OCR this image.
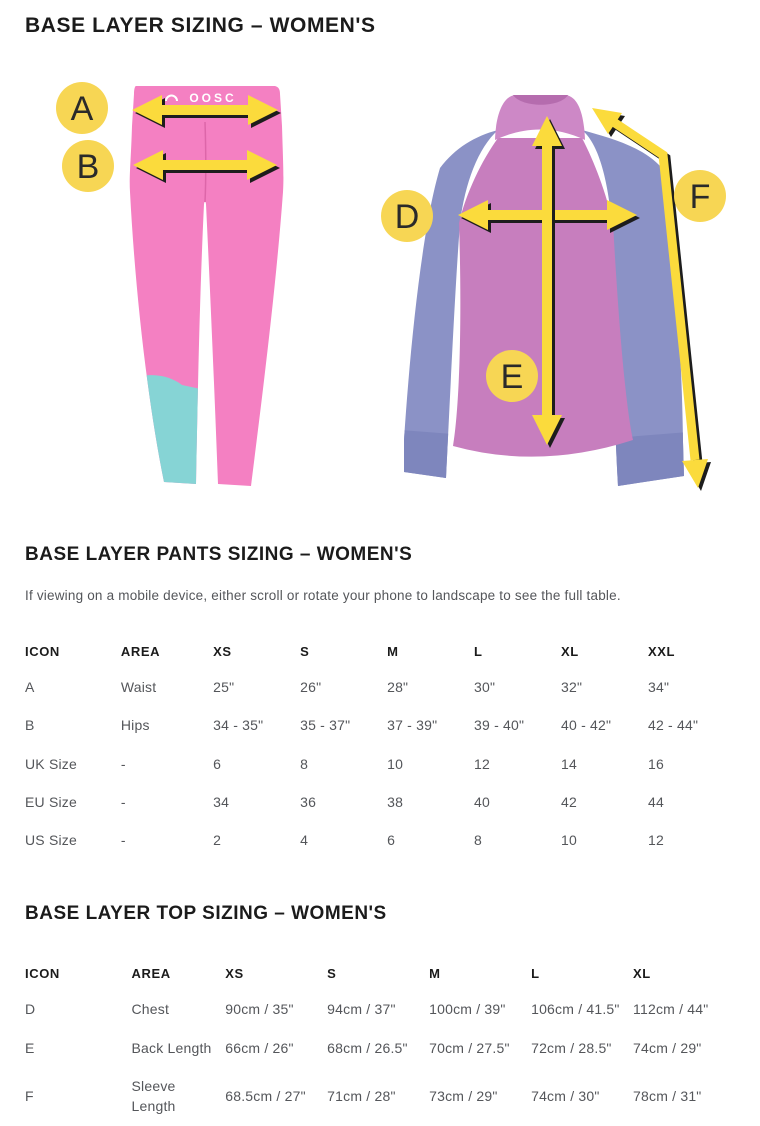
BASE LAYER SIZING – WOMEN'S
OOSC
A
B
D
E
F
BASE LAYER PANTS SIZING – WOMEN'S

If viewing on a mobile device, either scroll or rotate your phone to landscape to see the full table.

ICON	AREA	XS	S	M	L	XL	XXL
A	Waist	25"	26"	28"	30"	32"	34"
B	Hips	34 - 35"	35 - 37"	37 - 39"	39 - 40"	40 - 42"	42 - 44"
UK Size	-	6	8	10	12	14	16
EU Size	-	34	36	38	40	42	44
US Size	-	2	4	6	8	10	12
BASE LAYER TOP SIZING – WOMEN'S
ICON	AREA	XS	S	M	L	XL
D	Chest	90cm / 35"	94cm / 37"	100cm / 39"	106cm / 41.5"	112cm / 44"
E	Back Length	66cm / 26"	68cm / 26.5"	70cm / 27.5"	72cm / 28.5"	74cm / 29"
F	Sleeve Length	68.5cm / 27"	71cm / 28"	73cm / 29"	74cm / 30"	78cm / 31"
